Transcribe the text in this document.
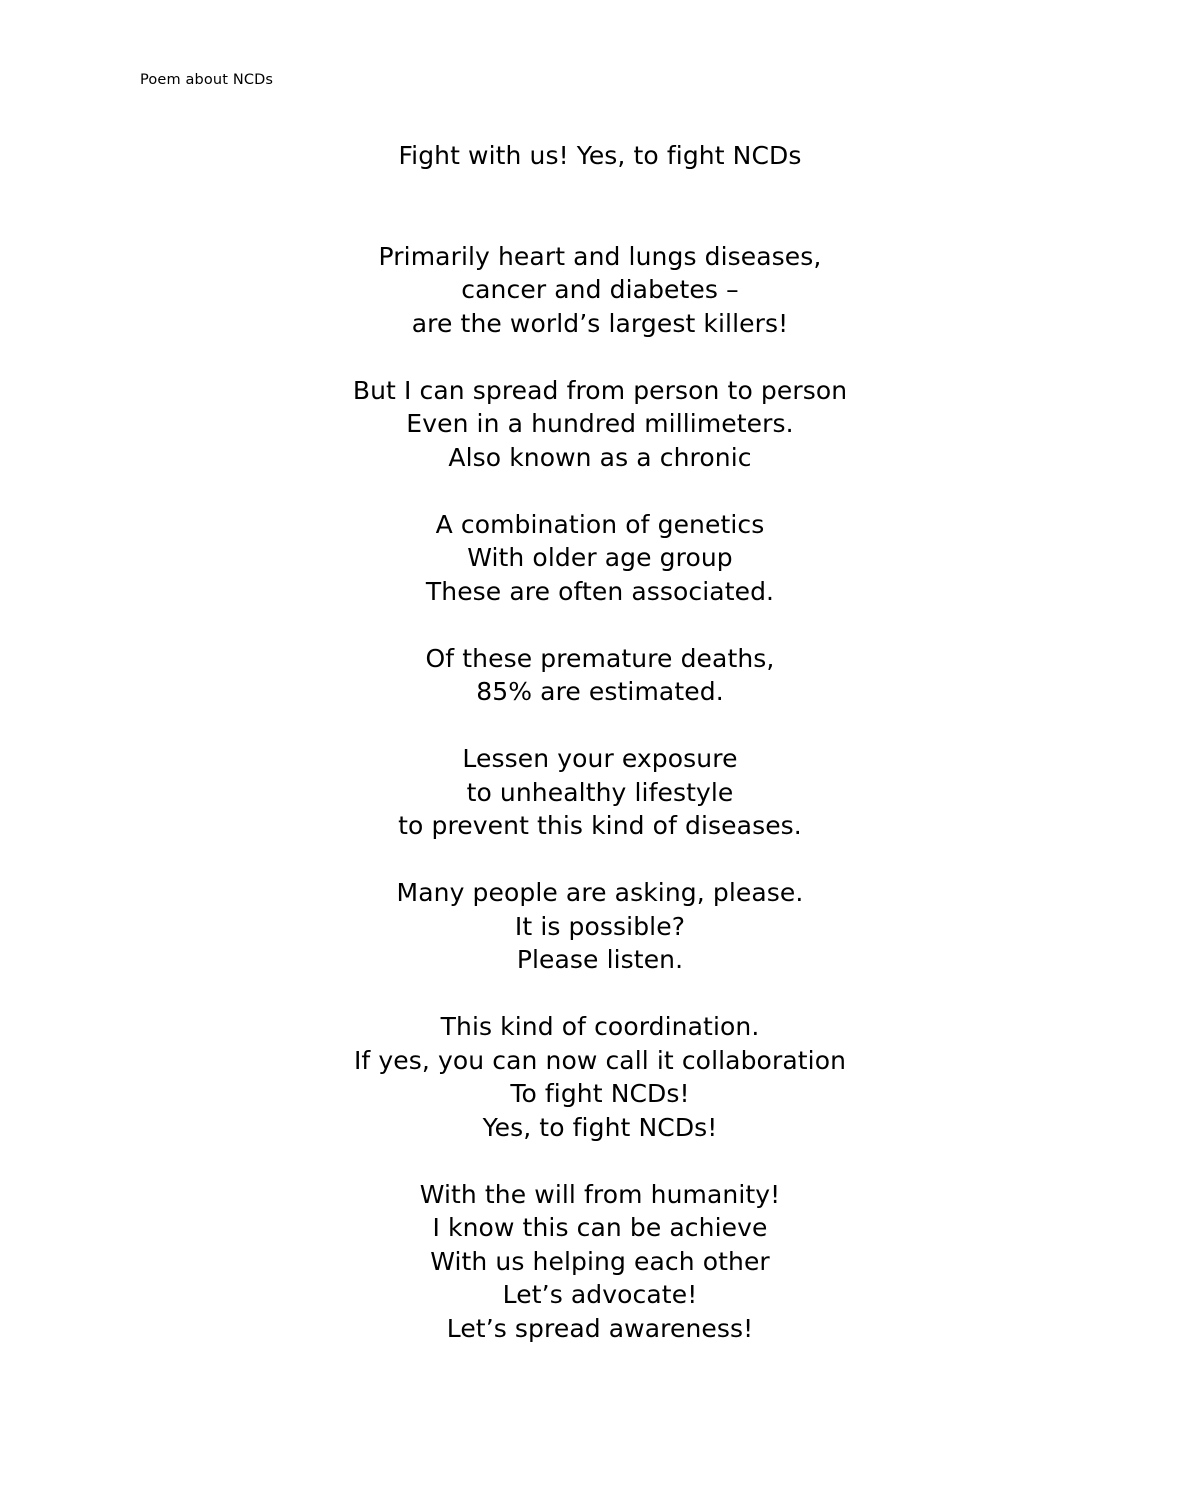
Poem about NCDs
Fight with us! Yes, to fight NCDs
Primarily heart and lungs diseases,
cancer and diabetes –
are the world’s largest killers!
But I can spread from person to person
Even in a hundred millimeters.
Also known as a chronic
A combination of genetics
With older age group
These are often associated.
Of these premature deaths,
85% are estimated.
Lessen your exposure
to unhealthy lifestyle
to prevent this kind of diseases.
Many people are asking, please.
It is possible?
Please listen.
This kind of coordination.
If yes, you can now call it collaboration
To fight NCDs!
Yes, to fight NCDs!
With the will from humanity!
I know this can be achieve
With us helping each other
Let’s advocate!
Let’s spread awareness!
